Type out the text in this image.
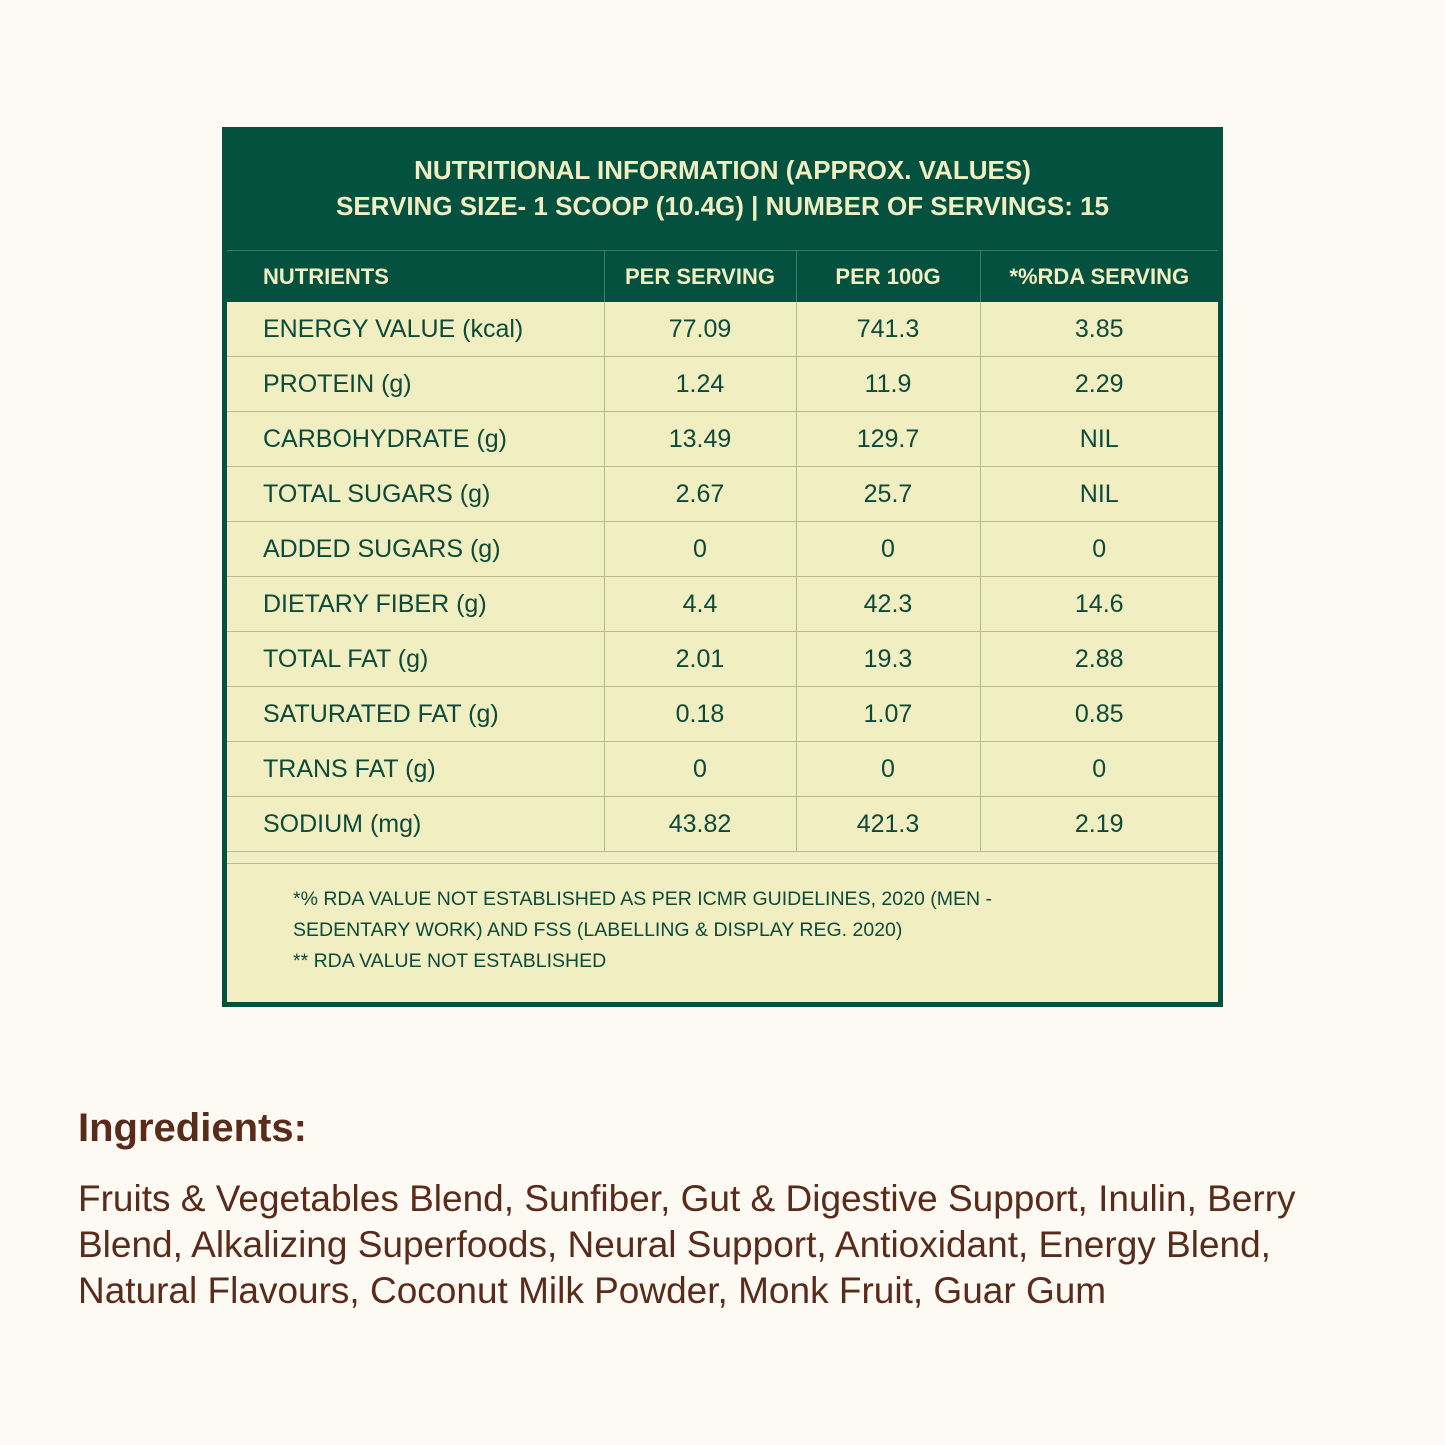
NUTRITIONAL INFORMATION (APPROX. VALUES)
SERVING SIZE- 1 SCOOP (10.4G) | NUMBER OF SERVINGS: 15
NUTRIENTS	PER SERVING	PER 100G	*%RDA SERVING
ENERGY VALUE (kcal)	77.09	741.3	3.85
PROTEIN (g)	1.24	11.9	2.29
CARBOHYDRATE (g)	13.49	129.7	NIL
TOTAL SUGARS (g)	2.67	25.7	NIL
ADDED SUGARS (g)	0	0	0
DIETARY FIBER (g)	4.4	42.3	14.6
TOTAL FAT (g)	2.01	19.3	2.88
SATURATED FAT (g)	0.18	1.07	0.85
TRANS FAT (g)	0	0	0
SODIUM (mg)	43.82	421.3	2.19
*% RDA VALUE NOT ESTABLISHED AS PER ICMR GUIDELINES, 2020 (MEN -
SEDENTARY WORK) AND FSS (LABELLING & DISPLAY REG. 2020)
** RDA VALUE NOT ESTABLISHED
Ingredients:

Fruits & Vegetables Blend, Sunfiber, Gut & Digestive Support, Inulin, Berry Blend, Alkalizing Superfoods, Neural Support, Antioxidant, Energy Blend, Natural Flavours, Coconut Milk Powder, Monk Fruit, Guar Gum
